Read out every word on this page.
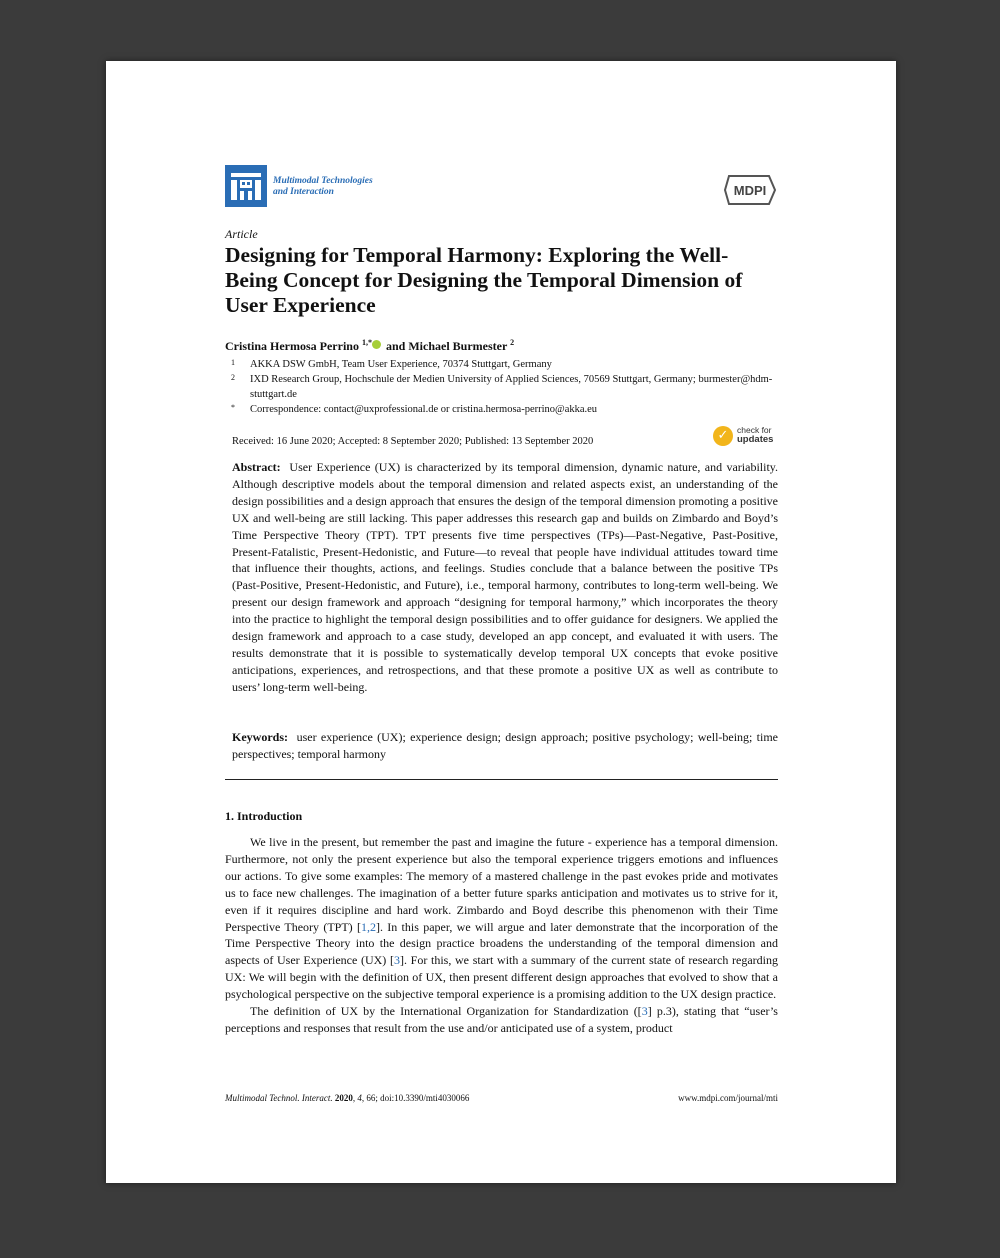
Multimodal Technologies
and Interaction	MDPI
Article
Designing for Temporal Harmony: Exploring the Well-Being Concept for Designing the Temporal Dimension of User Experience
Cristina Hermosa Perrino $^{1,*}$ and Michael Burmester $^2$
1 AKKA DSW GmbH, Team User Experience, 70374 Stuttgart, Germany
2 IXD Research Group, Hochschule der Medien University of Applied Sciences, 70569 Stuttgart, Germany; burmester@hdm-stuttgart.de
* Correspondence: contact@uxprofessional.de or cristina.hermosa-perrino@akka.eu
Received: 16 June 2020; Accepted: 8 September 2020; Published: 13 September 2020	✓	check for
updates
Abstract: User Experience (UX) is characterized by its temporal dimension, dynamic nature, and variability. Although descriptive models about the temporal dimension and related aspects exist, an understanding of the design possibilities and a design approach that ensures the design of the temporal dimension promoting a positive UX and well-being are still lacking. This paper addresses this research gap and builds on Zimbardo and Boyd’s Time Perspective Theory (TPT). TPT presents five time perspectives (TPs)—Past-Negative, Past-Positive, Present-Fatalistic, Present-Hedonistic, and Future—to reveal that people have individual attitudes toward time that influence their thoughts, actions, and feelings. Studies conclude that a balance between the positive TPs (Past-Positive, Present-Hedonistic, and Future), i.e., temporal harmony, contributes to long-term well-being. We present our design framework and approach “designing for temporal harmony,” which incorporates the theory into the practice to highlight the temporal design possibilities and to offer guidance for designers. We applied the design framework and approach to a case study, developed an app concept, and evaluated it with users. The results demonstrate that it is possible to systematically develop temporal UX concepts that evoke positive anticipations, experiences, and retrospections, and that these promote a positive UX as well as contribute to users’ long-term well-being.
Keywords: user experience (UX); experience design; design approach; positive psychology; well-being; time perspectives; temporal harmony
1. Introduction

We live in the present, but remember the past and imagine the future - experience has a temporal dimension. Furthermore, not only the present experience but also the temporal experience triggers emotions and influences our actions. To give some examples: The memory of a mastered challenge in the past evokes pride and motivates us to face new challenges. The imagination of a better future sparks anticipation and motivates us to strive for it, even if it requires discipline and hard work. Zimbardo and Boyd describe this phenomenon with their Time Perspective Theory (TPT) [1,2]. In this paper, we will argue and later demonstrate that the incorporation of the Time Perspective Theory into the design practice broadens the understanding of the temporal dimension and aspects of User Experience (UX) [3]. For this, we start with a summary of the current state of research regarding UX: We will begin with the definition of UX, then present different design approaches that evolved to show that a psychological perspective on the subjective temporal experience is a promising addition to the UX design practice.

The definition of UX by the International Organization for Standardization ([3] p.3), stating that “user’s perceptions and responses that result from the use and/or anticipated use of a system, product

Multimodal Technol. Interact. 2020, 4, 66; doi:10.3390/mti4030066	www.mdpi.com/journal/mti
